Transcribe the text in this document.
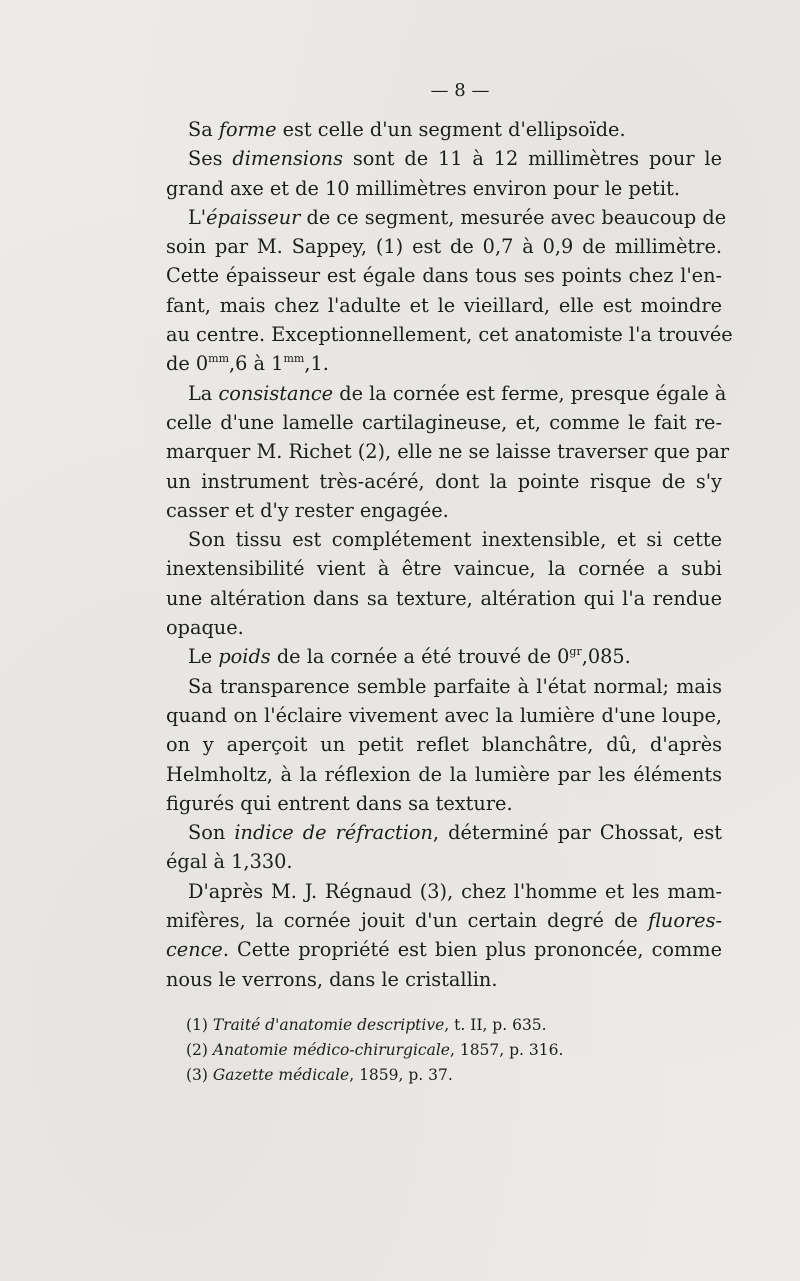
— 8 —

Sa forme est celle d'un segment d'ellipsoïde.

Ses dimensions sont de 11 à 12 millimètres pour le
grand axe et de 10 millimètres environ pour le petit.

L'épaisseur de ce segment, mesurée avec beaucoup de
soin par M. Sappey, (1) est de 0,7 à 0,9 de millimètre.
Cette épaisseur est égale dans tous ses points chez l'en-
fant, mais chez l'adulte et le vieillard, elle est moindre
au centre. Exceptionnellement, cet anatomiste l'a trouvée
de $0^{mm},6$ à $1^{mm},1$.

La consistance de la cornée est ferme, presque égale à
celle d'une lamelle cartilagineuse, et, comme le fait re-
marquer M. Richet (2), elle ne se laisse traverser que par
un instrument très-acéré, dont la pointe risque de s'y
casser et d'y rester engagée.

Son tissu est complétement inextensible, et si cette
inextensibilité vient à être vaincue, la cornée a subi
une altération dans sa texture, altération qui l'a rendue
opaque.

Le poids de la cornée a été trouvé de $0^{gr},085$.

Sa transparence semble parfaite à l'état normal; mais
quand on l'éclaire vivement avec la lumière d'une loupe,
on y aperçoit un petit reflet blanchâtre, dû, d'après
Helmholtz, à la réflexion de la lumière par les éléments
figurés qui entrent dans sa texture.

Son indice de réfraction, déterminé par Chossat, est
égal à 1,330.

D'après M. J. Régnaud (3), chez l'homme et les mam-
mifères, la cornée jouit d'un certain degré de fluores-
cence. Cette propriété est bien plus prononcée, comme
nous le verrons, dans le cristallin.

(1) Traité d'anatomie descriptive, t. II, p. 635.
(2) Anatomie médico-chirurgicale, 1857, p. 316.
(3) Gazette médicale, 1859, p. 37.
